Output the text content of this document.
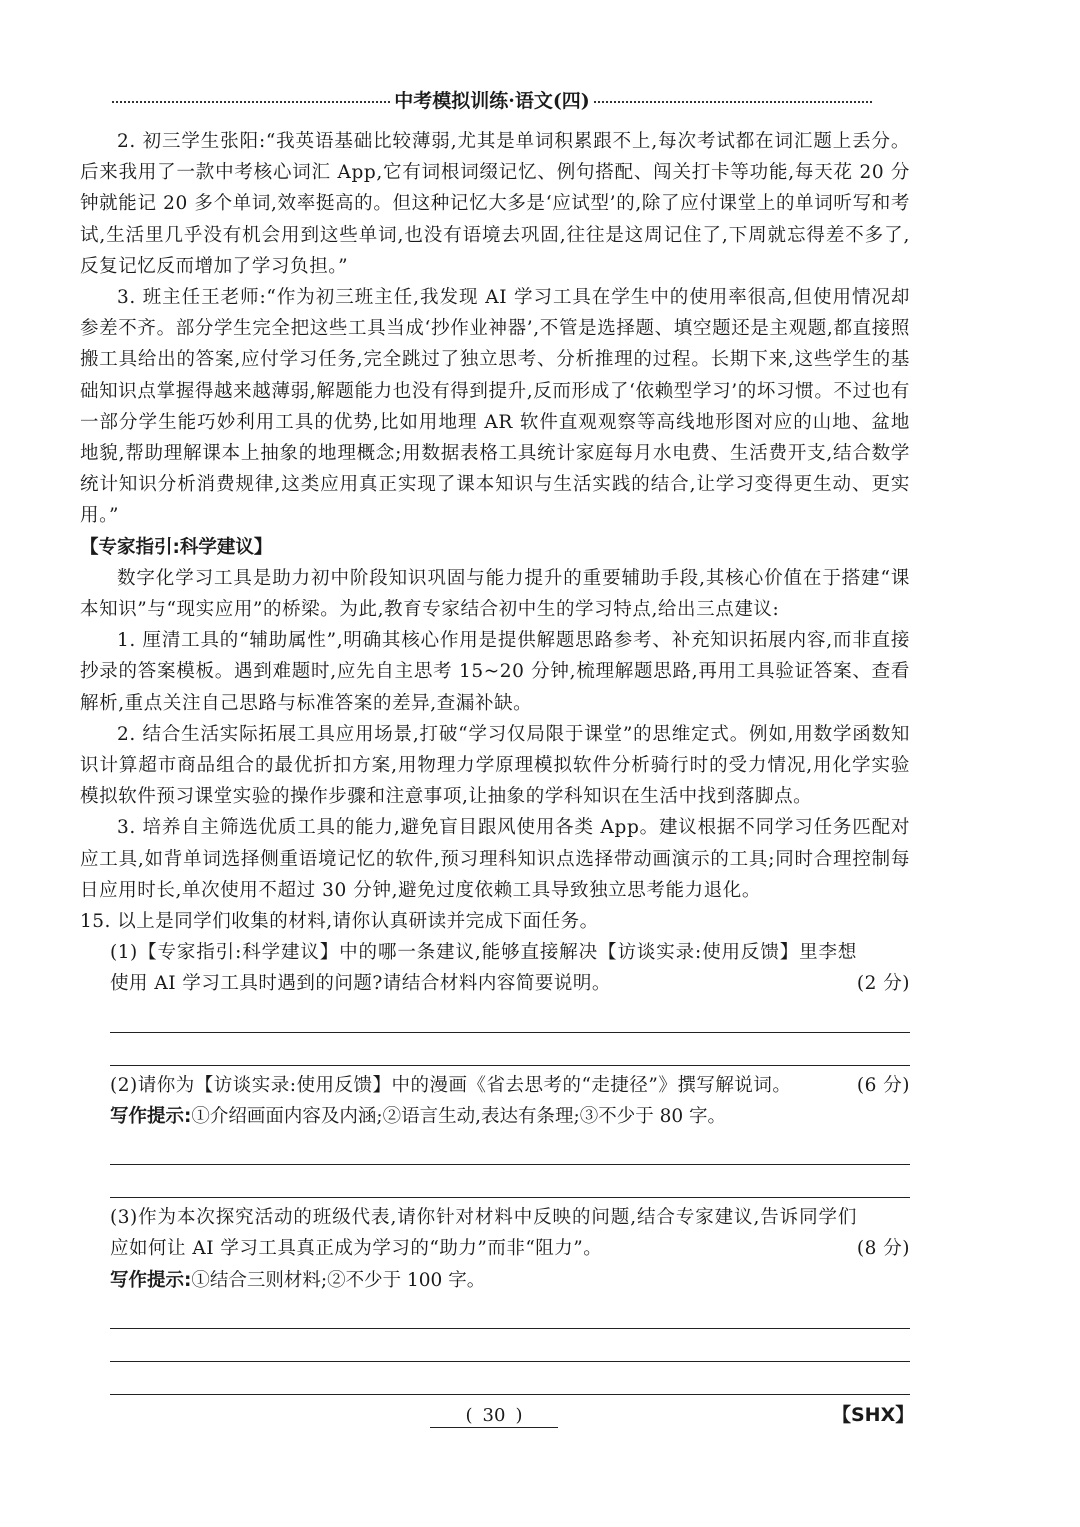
中考模拟训练·语文(四)

2. 初三学生张阳:“我英语基础比较薄弱,尤其是单词积累跟不上,每次考试都在词汇题上丢分。后来我用了一款中考核心词汇 App,它有词根词缀记忆、例句搭配、闯关打卡等功能,每天花 20 分钟就能记 20 多个单词,效率挺高的。但这种记忆大多是‘应试型’的,除了应付课堂上的单词听写和考试,生活里几乎没有机会用到这些单词,也没有语境去巩固,往往是这周记住了,下周就忘得差不多了,反复记忆反而增加了学习负担。”

3. 班主任王老师:“作为初三班主任,我发现 AI 学习工具在学生中的使用率很高,但使用情况却参差不齐。部分学生完全把这些工具当成‘抄作业神器’,不管是选择题、填空题还是主观题,都直接照搬工具给出的答案,应付学习任务,完全跳过了独立思考、分析推理的过程。长期下来,这些学生的基础知识点掌握得越来越薄弱,解题能力也没有得到提升,反而形成了‘依赖型学习’的坏习惯。不过也有一部分学生能巧妙利用工具的优势,比如用地理 AR 软件直观观察等高线地形图对应的山地、盆地地貌,帮助理解课本上抽象的地理概念;用数据表格工具统计家庭每月水电费、生活费开支,结合数学统计知识分析消费规律,这类应用真正实现了课本知识与生活实践的结合,让学习变得更生动、更实用。”

【专家指引:科学建议】

数字化学习工具是助力初中阶段知识巩固与能力提升的重要辅助手段,其核心价值在于搭建“课本知识”与“现实应用”的桥梁。为此,教育专家结合初中生的学习特点,给出三点建议:

1. 厘清工具的“辅助属性”,明确其核心作用是提供解题思路参考、补充知识拓展内容,而非直接抄录的答案模板。遇到难题时,应先自主思考 15~20 分钟,梳理解题思路,再用工具验证答案、查看解析,重点关注自己思路与标准答案的差异,查漏补缺。

2. 结合生活实际拓展工具应用场景,打破“学习仅局限于课堂”的思维定式。例如,用数学函数知识计算超市商品组合的最优折扣方案,用物理力学原理模拟软件分析骑行时的受力情况,用化学实验模拟软件预习课堂实验的操作步骤和注意事项,让抽象的学科知识在生活中找到落脚点。

3. 培养自主筛选优质工具的能力,避免盲目跟风使用各类 App。建议根据不同学习任务匹配对应工具,如背单词选择侧重语境记忆的软件,预习理科知识点选择带动画演示的工具;同时合理控制每日应用时长,单次使用不超过 30 分钟,避免过度依赖工具导致独立思考能力退化。

15. 以上是同学们收集的材料,请你认真研读并完成下面任务。

(2 分)
(1)【专家指引:科学建议】中的哪一条建议,能够直接解决【访谈实录:使用反馈】里李想使用 AI 学习工具时遇到的问题?请结合材料内容简要说明。

(6 分)
(2)请你为【访谈实录:使用反馈】中的漫画《省去思考的“走捷径”》撰写解说词。

写作提示:①介绍画面内容及内涵;②语言生动,表达有条理;③不少于 80 字。

(8 分)
(3)作为本次探究活动的班级代表,请你针对材料中反映的问题,结合专家建议,告诉同学们应如何让 AI 学习工具真正成为学习的“助力”而非“阻力”。

写作提示:①结合三则材料;②不少于 100 字。

( 30 )	【SHX】
